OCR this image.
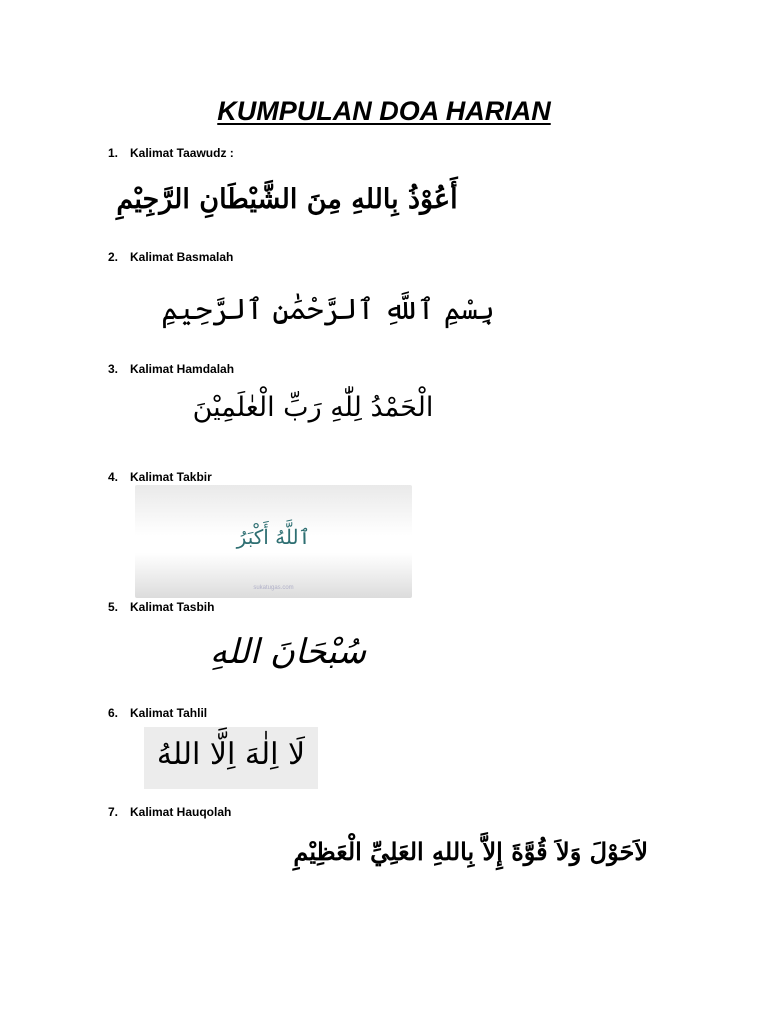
KUMPULAN DOA HARIAN
1. Kalimat Taawudz :
أَعُوْذُ بِاللهِ مِنَ الشَّيْطَانِ الرَّجِيْمِ
2. Kalimat Basmalah
بِسْمِ ٱللَّهِ ٱلرَّحْمَٰنِ ٱلرَّحِيمِ
3. Kalimat Hamdalah
الْحَمْدُ لِلّٰهِ رَبِّ الْعٰلَمِيْنَ
4. Kalimat Takbir
ٱللَّهُ أَكْبَرُ
sukatugas.com
5. Kalimat Tasbih
سُبْحَانَ اللهِ
6. Kalimat Tahlil
لَا اِلٰهَ اِلَّا اللهُ
7. Kalimat Hauqolah
لاَحَوْلَ وَلاَ قُوَّةَ إِلاَّ بِاللهِ العَلِيِّ الْعَظِيْمِ
